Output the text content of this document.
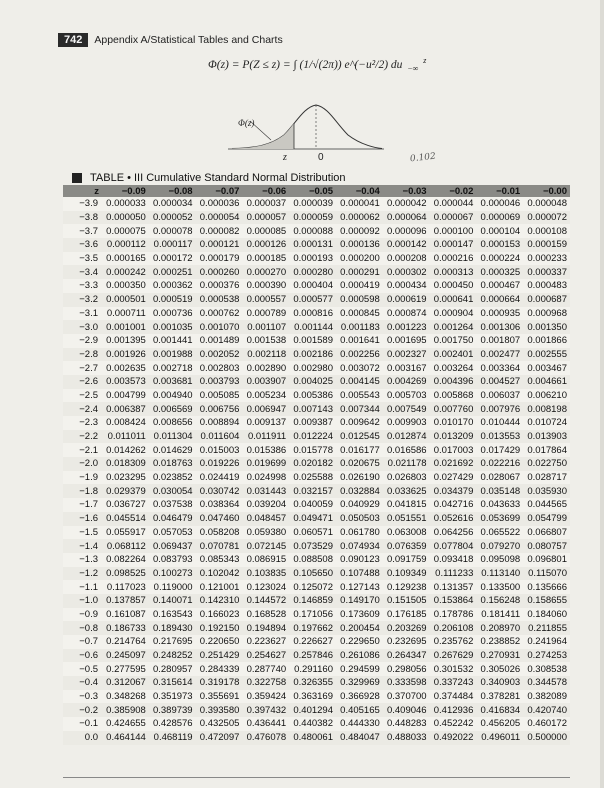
742	Appendix A/Statistical Tables and Charts
Φ(z) = P(Z ≤ z) = ∫ (1/√(2π)) e^(−u²/2) du $_{-\infty}$ $^z$
Φ(z)
z	0	0.102
TABLE • III Cumulative Standard Normal Distribution
z	−0.09	−0.08	−0.07	−0.06	−0.05	−0.04	−0.03	−0.02	−0.01	−0.00
−3.9	0.000033	0.000034	0.000036	0.000037	0.000039	0.000041	0.000042	0.000044	0.000046	0.000048
−3.8	0.000050	0.000052	0.000054	0.000057	0.000059	0.000062	0.000064	0.000067	0.000069	0.000072
−3.7	0.000075	0.000078	0.000082	0.000085	0.000088	0.000092	0.000096	0.000100	0.000104	0.000108
−3.6	0.000112	0.000117	0.000121	0.000126	0.000131	0.000136	0.000142	0.000147	0.000153	0.000159
−3.5	0.000165	0.000172	0.000179	0.000185	0.000193	0.000200	0.000208	0.000216	0.000224	0.000233
−3.4	0.000242	0.000251	0.000260	0.000270	0.000280	0.000291	0.000302	0.000313	0.000325	0.000337
−3.3	0.000350	0.000362	0.000376	0.000390	0.000404	0.000419	0.000434	0.000450	0.000467	0.000483
−3.2	0.000501	0.000519	0.000538	0.000557	0.000577	0.000598	0.000619	0.000641	0.000664	0.000687
−3.1	0.000711	0.000736	0.000762	0.000789	0.000816	0.000845	0.000874	0.000904	0.000935	0.000968
−3.0	0.001001	0.001035	0.001070	0.001107	0.001144	0.001183	0.001223	0.001264	0.001306	0.001350
−2.9	0.001395	0.001441	0.001489	0.001538	0.001589	0.001641	0.001695	0.001750	0.001807	0.001866
−2.8	0.001926	0.001988	0.002052	0.002118	0.002186	0.002256	0.002327	0.002401	0.002477	0.002555
−2.7	0.002635	0.002718	0.002803	0.002890	0.002980	0.003072	0.003167	0.003264	0.003364	0.003467
−2.6	0.003573	0.003681	0.003793	0.003907	0.004025	0.004145	0.004269	0.004396	0.004527	0.004661
−2.5	0.004799	0.004940	0.005085	0.005234	0.005386	0.005543	0.005703	0.005868	0.006037	0.006210
−2.4	0.006387	0.006569	0.006756	0.006947	0.007143	0.007344	0.007549	0.007760	0.007976	0.008198
−2.3	0.008424	0.008656	0.008894	0.009137	0.009387	0.009642	0.009903	0.010170	0.010444	0.010724
−2.2	0.011011	0.011304	0.011604	0.011911	0.012224	0.012545	0.012874	0.013209	0.013553	0.013903
−2.1	0.014262	0.014629	0.015003	0.015386	0.015778	0.016177	0.016586	0.017003	0.017429	0.017864
−2.0	0.018309	0.018763	0.019226	0.019699	0.020182	0.020675	0.021178	0.021692	0.022216	0.022750
−1.9	0.023295	0.023852	0.024419	0.024998	0.025588	0.026190	0.026803	0.027429	0.028067	0.028717
−1.8	0.029379	0.030054	0.030742	0.031443	0.032157	0.032884	0.033625	0.034379	0.035148	0.035930
−1.7	0.036727	0.037538	0.038364	0.039204	0.040059	0.040929	0.041815	0.042716	0.043633	0.044565
−1.6	0.045514	0.046479	0.047460	0.048457	0.049471	0.050503	0.051551	0.052616	0.053699	0.054799
−1.5	0.055917	0.057053	0.058208	0.059380	0.060571	0.061780	0.063008	0.064256	0.065522	0.066807
−1.4	0.068112	0.069437	0.070781	0.072145	0.073529	0.074934	0.076359	0.077804	0.079270	0.080757
−1.3	0.082264	0.083793	0.085343	0.086915	0.088508	0.090123	0.091759	0.093418	0.095098	0.096801
−1.2	0.098525	0.100273	0.102042	0.103835	0.105650	0.107488	0.109349	0.111233	0.113140	0.115070
−1.1	0.117023	0.119000	0.121001	0.123024	0.125072	0.127143	0.129238	0.131357	0.133500	0.135666
−1.0	0.137857	0.140071	0.142310	0.144572	0.146859	0.149170	0.151505	0.153864	0.156248	0.158655
−0.9	0.161087	0.163543	0.166023	0.168528	0.171056	0.173609	0.176185	0.178786	0.181411	0.184060
−0.8	0.186733	0.189430	0.192150	0.194894	0.197662	0.200454	0.203269	0.206108	0.208970	0.211855
−0.7	0.214764	0.217695	0.220650	0.223627	0.226627	0.229650	0.232695	0.235762	0.238852	0.241964
−0.6	0.245097	0.248252	0.251429	0.254627	0.257846	0.261086	0.264347	0.267629	0.270931	0.274253
−0.5	0.277595	0.280957	0.284339	0.287740	0.291160	0.294599	0.298056	0.301532	0.305026	0.308538
−0.4	0.312067	0.315614	0.319178	0.322758	0.326355	0.329969	0.333598	0.337243	0.340903	0.344578
−0.3	0.348268	0.351973	0.355691	0.359424	0.363169	0.366928	0.370700	0.374484	0.378281	0.382089
−0.2	0.385908	0.389739	0.393580	0.397432	0.401294	0.405165	0.409046	0.412936	0.416834	0.420740
−0.1	0.424655	0.428576	0.432505	0.436441	0.440382	0.444330	0.448283	0.452242	0.456205	0.460172
0.0	0.464144	0.468119	0.472097	0.476078	0.480061	0.484047	0.488033	0.492022	0.496011	0.500000
